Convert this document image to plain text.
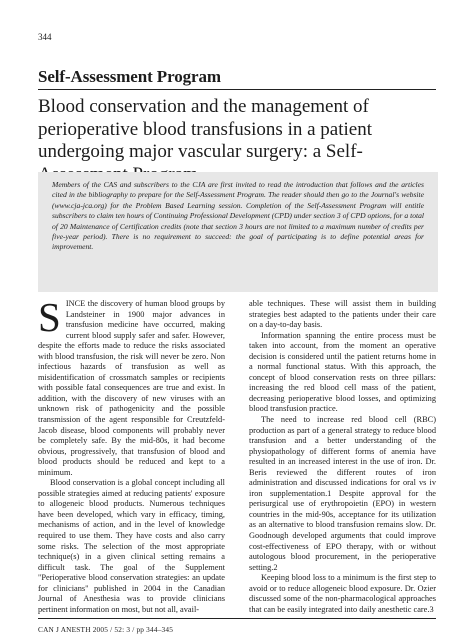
344
Self-Assessment Program
Blood conservation and the management of perioperative blood transfusions in a patient undergoing major vascular surgery: a Self-
Members of the CAS and subscribers to the CJA are first invited to read the introduction that follows and the articles cited in the bibliography to prepare for the Self-Assessment Program. The reader should then go to the Journal's website (www.cja-jca.org) for the Problem Based Learning session. Completion of the Self-Assessment Program will entitle subscribers to claim ten hours of Continuing Professional Development (CPD) under section 3 of CPD options, for a total of 20 Maintenance of Certification credits (note that section 3 hours are not limited to a maximum number of credits per five-year period). There is no requirement to succeed: the goal of participating is to define potential areas for improvement.

SINCE the discovery of human blood groups by Landsteiner in 1900 major advances in transfusion medicine have occurred, making current blood supply safer and safer. However, despite the efforts made to reduce the risks associated with blood transfusion, the risk will never be zero. Non infectious hazards of transfusion as well as misidentification of crossmatch samples or recipients with possible fatal consequences are true and exist. In addition, with the discovery of new viruses with an unknown risk of pathogenicity and the possible transmission of the agent responsible for Creutzfeld-Jacob disease, blood components will probably never be completely safe. By the mid-80s, it had become obvious, progressively, that transfusion of blood and blood products should be reduced and kept to a minimum.

Blood conservation is a global concept including all possible strategies aimed at reducing patients' exposure to allogeneic blood products. Numerous techniques have been developed, which vary in efficacy, timing, mechanisms of action, and in the level of knowledge required to use them. They have costs and also carry some risks. The selection of the most appropriate technique(s) in a given clinical setting remains a difficult task. The goal of the Supplement "Perioperative blood conservation strategies: an update for clinicians" published in 2004 in the Canadian Journal of Anesthesia was to provide clinicians pertinent information on most, but not all, avail-

able techniques. These will assist them in building strategies best adapted to the patients under their care on a day-to-day basis.

Information spanning the entire process must be taken into account, from the moment an operative decision is considered until the patient returns home in a normal functional status. With this approach, the concept of blood conservation rests on three pillars: increasing the red blood cell mass of the patient, decreasing perioperative blood losses, and optimizing blood transfusion practice.

The need to increase red blood cell (RBC) production as part of a general strategy to reduce blood transfusion and a better understanding of the physiopathology of different forms of anemia have resulted in an increased interest in the use of iron. Dr. Beris reviewed the different routes of iron administration and discussed indications for oral vs iv iron supplementation.1 Despite approval for the perisurgical use of erythropoietin (EPO) in western countries in the mid-90s, acceptance for its utilization as an alternative to blood transfusion remains slow. Dr. Goodnough developed arguments that could improve cost-effectiveness of EPO therapy, with or without autologous blood procurement, in the perioperative setting.2

Keeping blood loss to a minimum is the first step to avoid or to reduce allogeneic blood exposure. Dr. Ozier discussed some of the non-pharmacological approaches that can be easily integrated into daily anesthetic care.3

CAN J ANESTH 2005 / 52: 3 / pp 344–345
